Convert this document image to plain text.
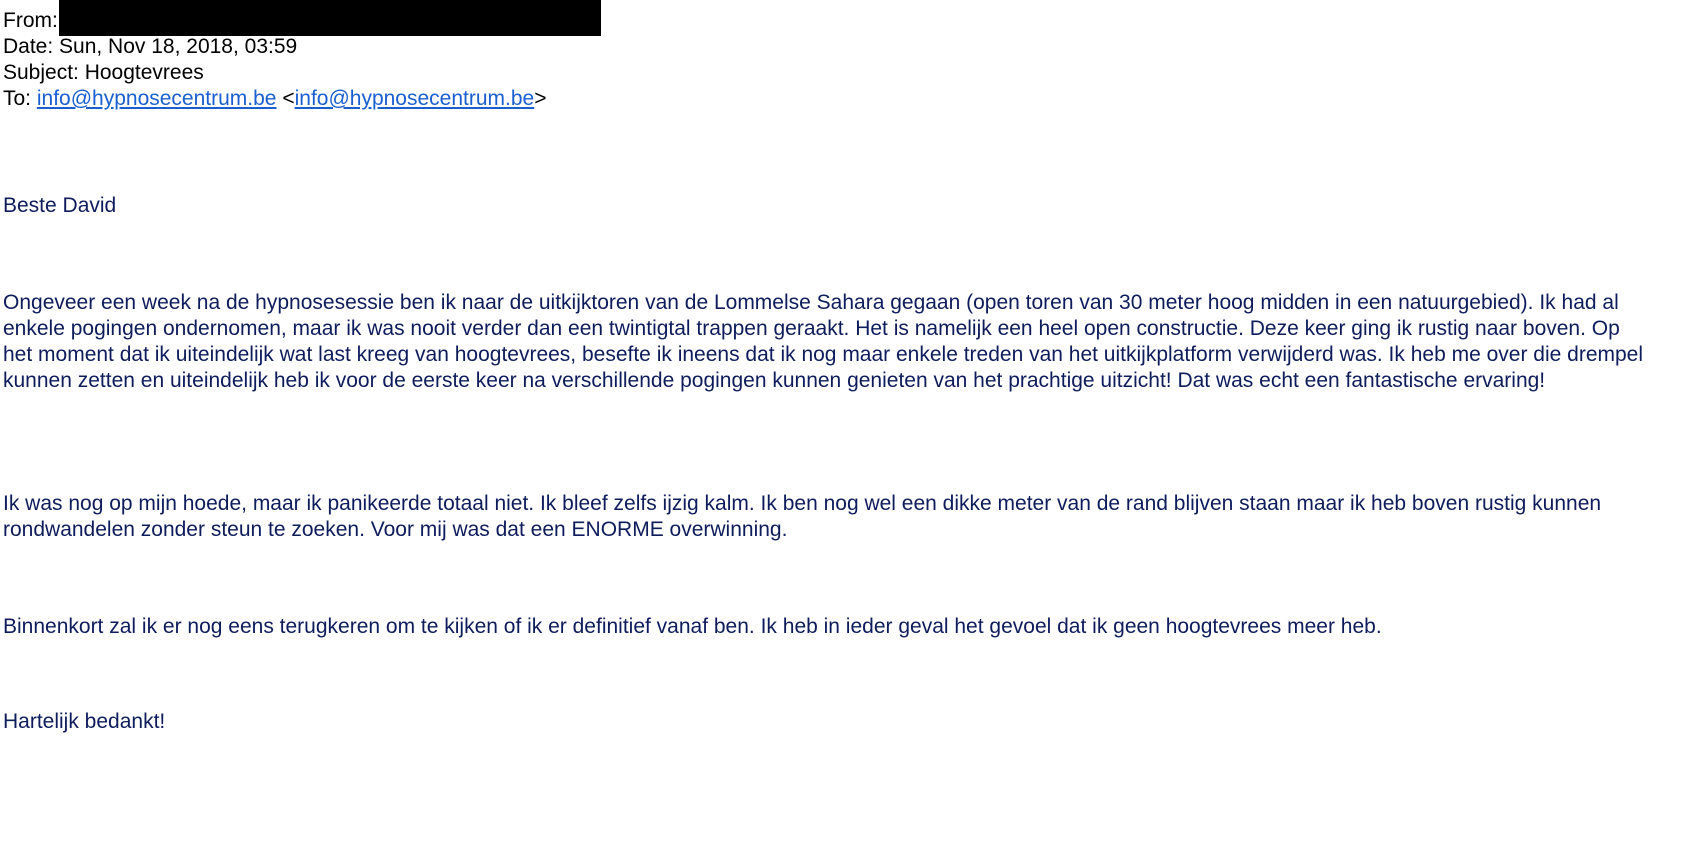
From:
Date: Sun, Nov 18, 2018, 03:59
Subject: Hoogtevrees
To: info@hypnosecentrum.be <info@hypnosecentrum.be>
Beste David
Ongeveer een week na de hypnosesessie ben ik naar de uitkijktoren van de Lommelse Sahara gegaan (open toren van 30 meter hoog midden in een natuurgebied). Ik had al enkele pogingen ondernomen, maar ik was nooit verder dan een twintigtal trappen geraakt. Het is namelijk een heel open constructie. Deze keer ging ik rustig naar boven. Op het moment dat ik uiteindelijk wat last kreeg van hoogtevrees, besefte ik ineens dat ik nog maar enkele treden van het uitkijkplatform verwijderd was. Ik heb me over die drempel kunnen zetten en uiteindelijk heb ik voor de eerste keer na verschillende pogingen kunnen genieten van het prachtige uitzicht! Dat was echt een fantastische ervaring!
Ik was nog op mijn hoede, maar ik panikeerde totaal niet. Ik bleef zelfs ijzig kalm. Ik ben nog wel een dikke meter van de rand blijven staan maar ik heb boven rustig kunnen rondwandelen zonder steun te zoeken. Voor mij was dat een ENORME overwinning.
Binnenkort zal ik er nog eens terugkeren om te kijken of ik er definitief vanaf ben. Ik heb in ieder geval het gevoel dat ik geen hoogtevrees meer heb.
Hartelijk bedankt!
